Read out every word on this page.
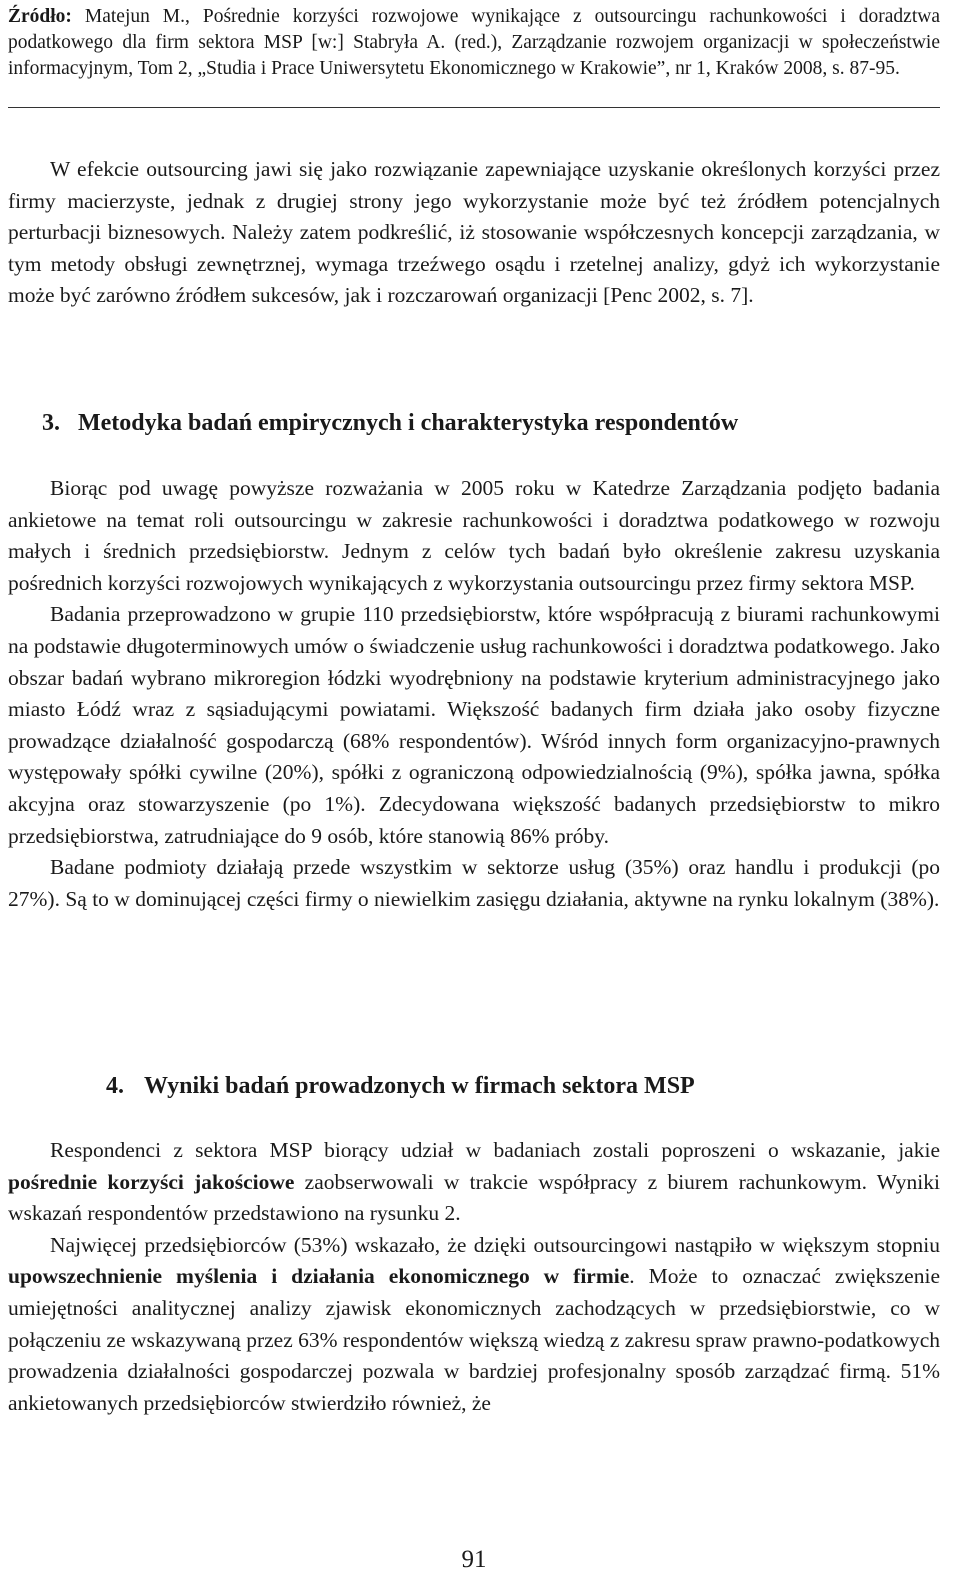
Źródło: Matejun M., Pośrednie korzyści rozwojowe wynikające z outsourcingu rachunkowości i doradztwa podatkowego dla firm sektora MSP [w:] Stabryła A. (red.), Zarządzanie rozwojem organizacji w społeczeństwie informacyjnym, Tom 2, „Studia i Prace Uniwersytetu Ekonomicznego w Krakowie”, nr 1, Kraków 2008, s. 87-95.

W efekcie outsourcing jawi się jako rozwiązanie zapewniające uzyskanie określonych korzyści przez firmy macierzyste, jednak z drugiej strony jego wykorzystanie może być też źródłem potencjalnych perturbacji biznesowych. Należy zatem podkreślić, iż stosowanie współczesnych koncepcji zarządzania, w tym metody obsługi zewnętrznej, wymaga trzeźwego osądu i rzetelnej analizy, gdyż ich wykorzystanie może być zarówno źródłem sukcesów, jak i rozczarowań organizacji [Penc 2002, s. 7].

3. Metodyka badań empirycznych i charakterystyka respondentów

Biorąc pod uwagę powyższe rozważania w 2005 roku w Katedrze Zarządzania podjęto badania ankietowe na temat roli outsourcingu w zakresie rachunkowości i doradztwa podatkowego w rozwoju małych i średnich przedsiębiorstw. Jednym z celów tych badań było określenie zakresu uzyskania pośrednich korzyści rozwojowych wynikających z wykorzystania outsourcingu przez firmy sektora MSP.

Badania przeprowadzono w grupie 110 przedsiębiorstw, które współpracują z biurami rachunkowymi na podstawie długoterminowych umów o świadczenie usług rachunkowości i doradztwa podatkowego. Jako obszar badań wybrano mikroregion łódzki wyodrębniony na podstawie kryterium administracyjnego jako miasto Łódź wraz z sąsiadującymi powiatami. Większość badanych firm działa jako osoby fizyczne prowadzące działalność gospodarczą (68% respondentów). Wśród innych form organizacyjno-prawnych występowały spółki cywilne (20%), spółki z ograniczoną odpowiedzialnością (9%), spółka jawna, spółka akcyjna oraz stowarzyszenie (po 1%). Zdecydowana większość badanych przedsiębiorstw to mikro przedsiębiorstwa, zatrudniające do 9 osób, które stanowią 86% próby.

Badane podmioty działają przede wszystkim w sektorze usług (35%) oraz handlu i produkcji (po 27%). Są to w dominującej części firmy o niewielkim zasięgu działania, aktywne na rynku lokalnym (38%).

4. Wyniki badań prowadzonych w firmach sektora MSP

Respondenci z sektora MSP biorący udział w badaniach zostali poproszeni o wskazanie, jakie pośrednie korzyści jakościowe zaobserwowali w trakcie współpracy z biurem rachunkowym. Wyniki wskazań respondentów przedstawiono na rysunku 2.

Najwięcej przedsiębiorców (53%) wskazało, że dzięki outsourcingowi nastąpiło w większym stopniu upowszechnienie myślenia i działania ekonomicznego w firmie. Może to oznaczać zwiększenie umiejętności analitycznej analizy zjawisk ekonomicznych zachodzących w przedsiębiorstwie, co w połączeniu ze wskazywaną przez 63% respondentów większą wiedzą z zakresu spraw prawno-podatkowych prowadzenia działalności gospodarczej pozwala w bardziej profesjonalny sposób zarządzać firmą. 51% ankietowanych przedsiębiorców stwierdziło również, że

91
